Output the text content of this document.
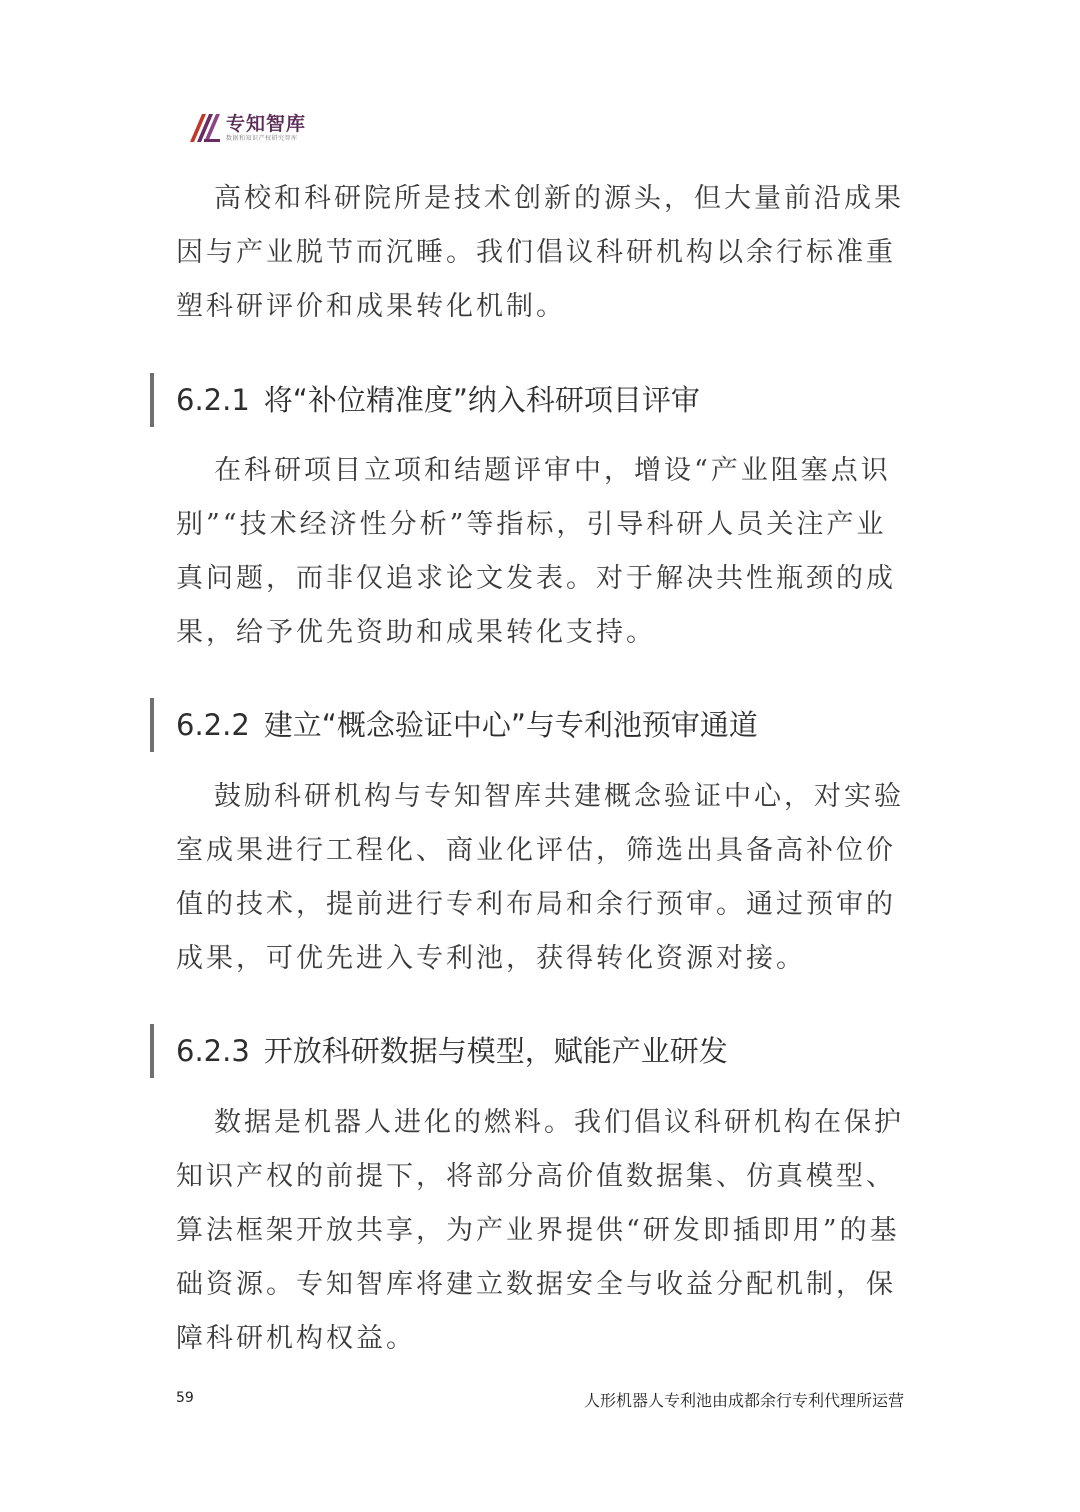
专知智库
数据和知识产权研究智库

高校和科研院所是技术创新的源头，但大量前沿成果因与产业脱节而沉睡。我们倡议科研机构以余行标准重塑科研评价和成果转化机制。

6.2.1 将“补位精准度”纳入科研项目评审

在科研项目立项和结题评审中，增设“产业阻塞点识别”“技术经济性分析”等指标，引导科研人员关注产业真问题，而非仅追求论文发表。对于解决共性瓶颈的成果，给予优先资助和成果转化支持。

6.2.2 建立“概念验证中心”与专利池预审通道

鼓励科研机构与专知智库共建概念验证中心，对实验室成果进行工程化、商业化评估，筛选出具备高补位价值的技术，提前进行专利布局和余行预审。通过预审的成果，可优先进入专利池，获得转化资源对接。

6.2.3 开放科研数据与模型，赋能产业研发

数据是机器人进化的燃料。我们倡议科研机构在保护知识产权的前提下，将部分高价值数据集、仿真模型、算法框架开放共享，为产业界提供“研发即插即用”的基础资源。专知智库将建立数据安全与收益分配机制，保障科研机构权益。

59	人形机器人专利池由成都余行专利代理所运营
